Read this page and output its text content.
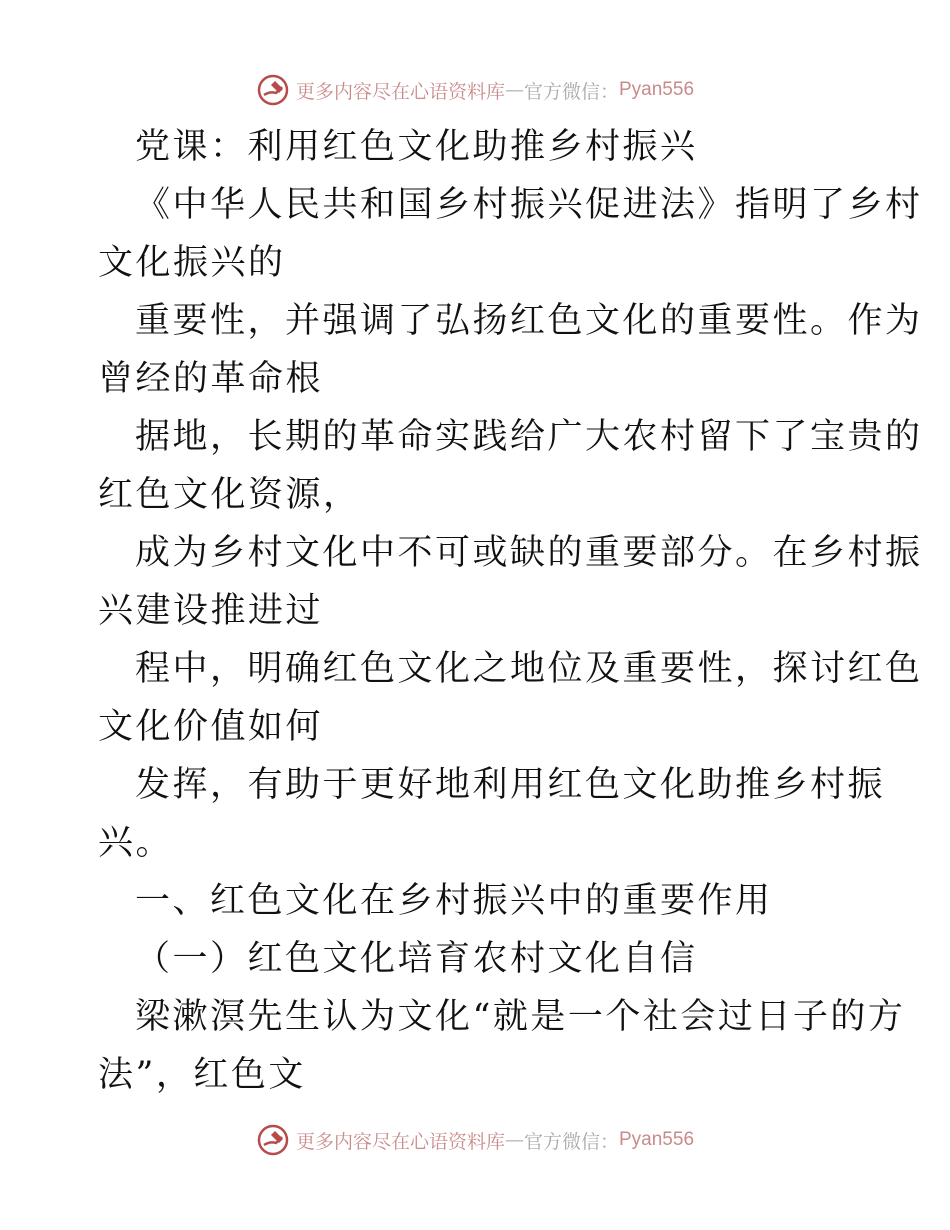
更多内容尽在心语资料库 — 官方微信： Pyan556
党课：利用红色文化助推乡村振兴
《中华人民共和国乡村振兴促进法》指明了乡村
文化振兴的
重要性，并强调了弘扬红色文化的重要性。作为
曾经的革命根
据地，长期的革命实践给广大农村留下了宝贵的
红色文化资源，
成为乡村文化中不可或缺的重要部分。在乡村振
兴建设推进过
程中，明确红色文化之地位及重要性，探讨红色
文化价值如何
发挥，有助于更好地利用红色文化助推乡村振
兴。
一、红色文化在乡村振兴中的重要作用
（一）红色文化培育农村文化自信
梁漱溟先生认为文化“就是一个社会过日子的方
法”，红色文
更多内容尽在心语资料库 — 官方微信： Pyan556
